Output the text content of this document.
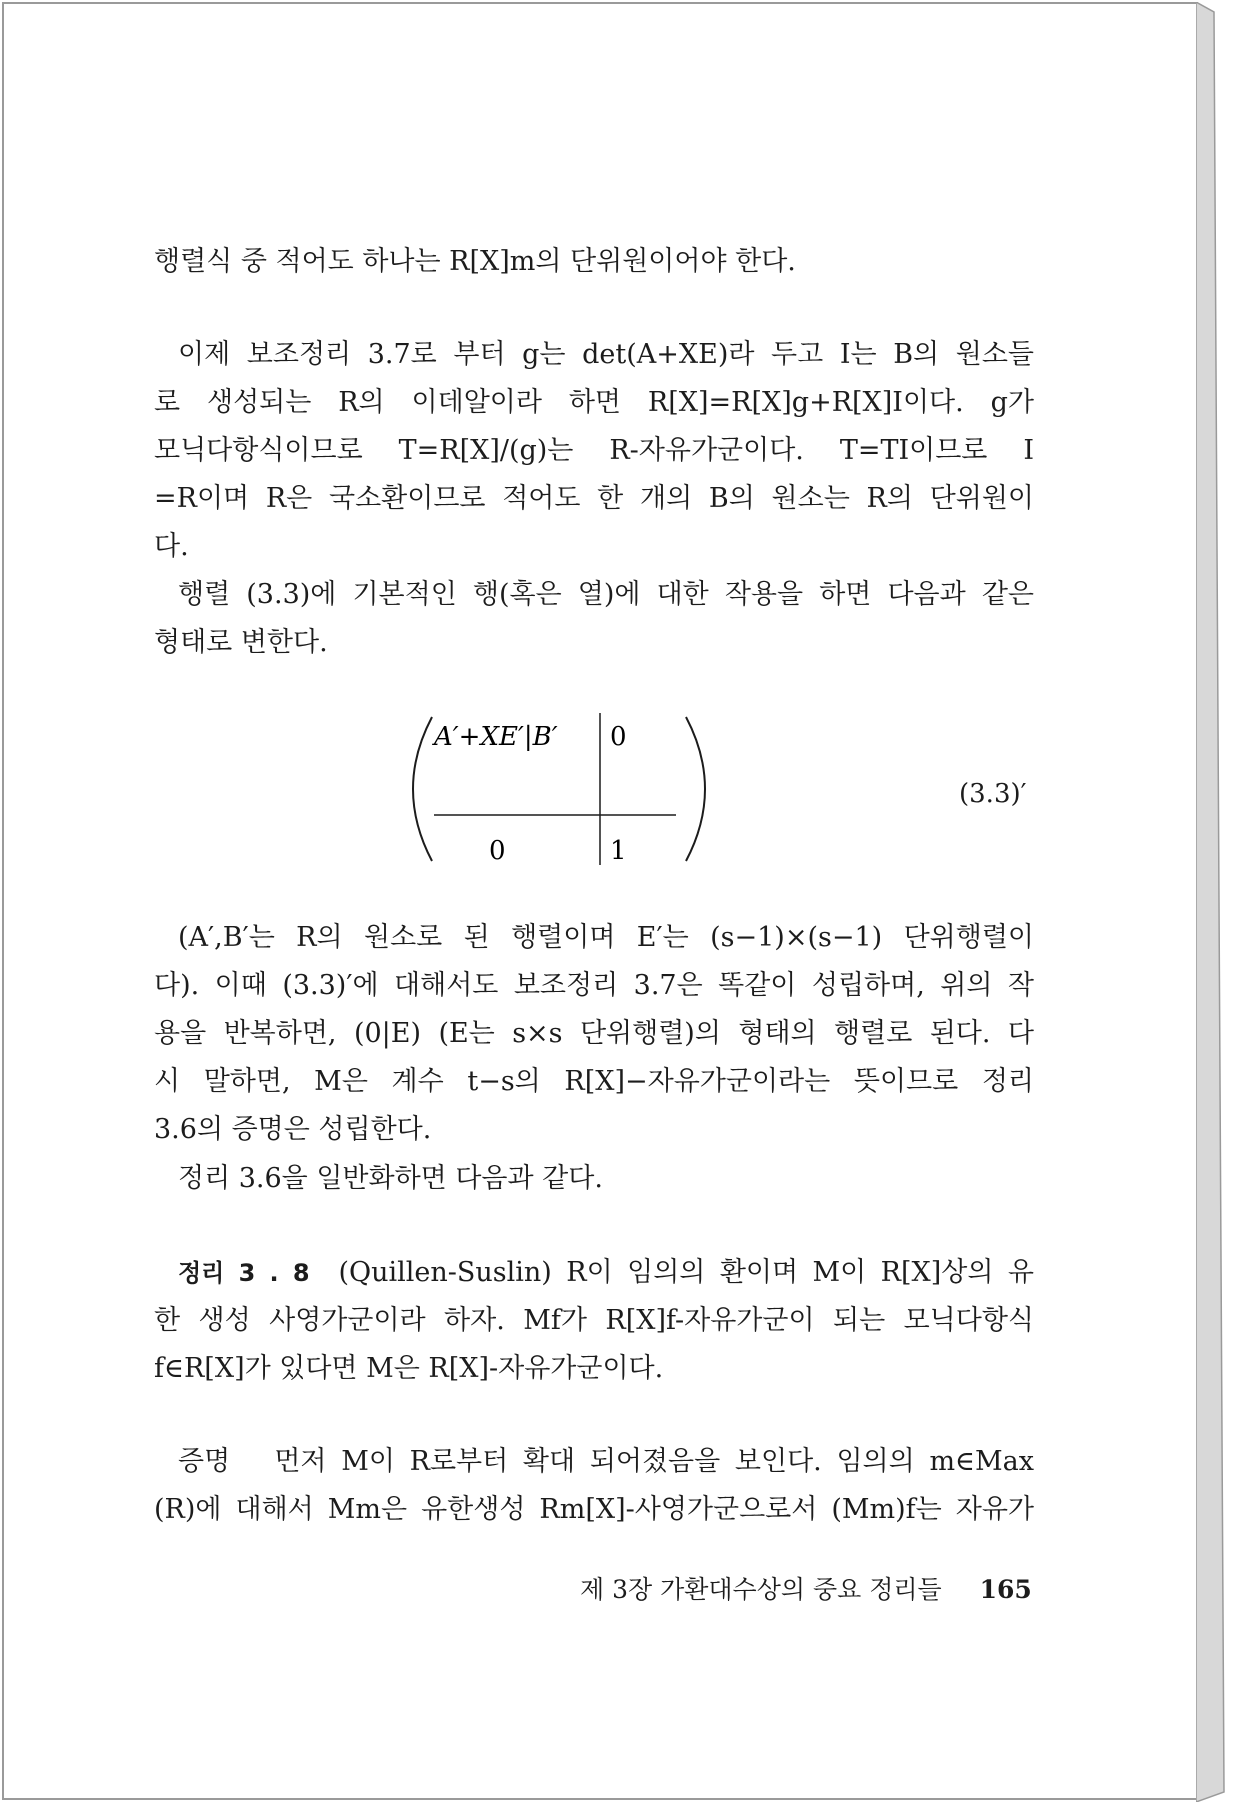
행렬식 중 적어도 하나는 R[X]m의 단위원이어야 한다.
이제 보조정리 3.7로 부터 g는 det(A+XE)라 두고 I는 B의 원소들
로 생성되는 R의 이데알이라 하면 R[X]=R[X]g+R[X]I이다. g가
모닉다항식이므로 T=R[X]/(g)는 R-자유가군이다. T=TI이므로 I
=R이며 R은 국소환이므로 적어도 한 개의 B의 원소는 R의 단위원이
다.
행렬 (3.3)에 기본적인 행(혹은 열)에 대한 작용을 하면 다음과 같은
형태로 변한다.
A′+XE′|B′ 0
0	1
(3.3)′
(A′,B′는 R의 원소로 된 행렬이며 E′는 (s−1)×(s−1) 단위행렬이
다). 이때 (3.3)′에 대해서도 보조정리 3.7은 똑같이 성립하며, 위의 작
용을 반복하면, (0|E) (E는 s×s 단위행렬)의 형태의 행렬로 된다. 다
시 말하면, M은 계수 t−s의 R[X]−자유가군이라는 뜻이므로 정리
3.6의 증명은 성립한다.
정리 3.6을 일반화하면 다음과 같다.
정리 3 . 8 (Quillen-Suslin) R이 임의의 환이며 M이 R[X]상의 유
한 생성 사영가군이라 하자. Mf가 R[X]f-자유가군이 되는 모닉다항식
f∈R[X]가 있다면 M은 R[X]-자유가군이다.
증명 먼저 M이 R로부터 확대 되어졌음을 보인다. 임의의 m∈Max
(R)에 대해서 Mm은 유한생성 Rm[X]-사영가군으로서 (Mm)f는 자유가
제 3장 가환대수상의 중요 정리들 165
